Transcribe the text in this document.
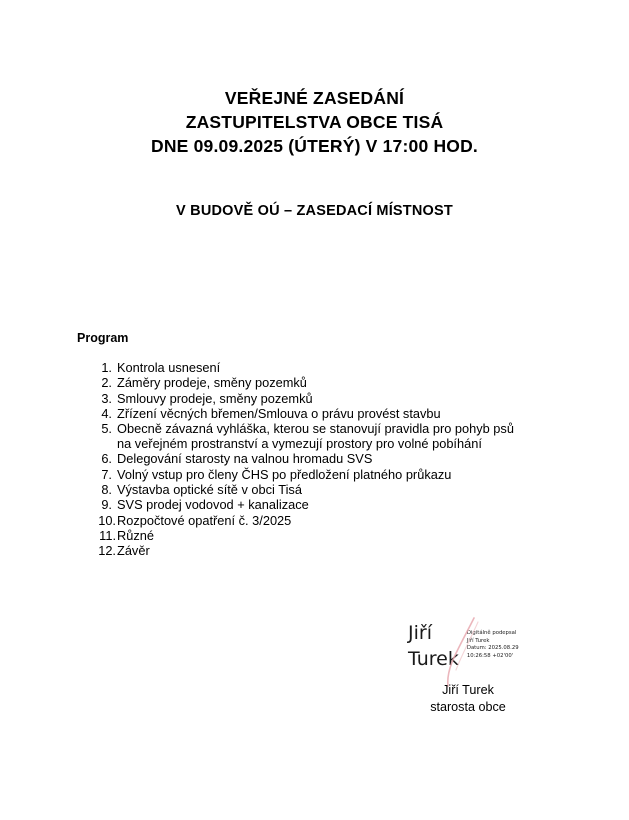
VEŘEJNÉ ZASEDÁNÍ
ZASTUPITELSTVA OBCE TISÁ
DNE 09.09.2025 (ÚTERÝ) V 17:00 HOD.
V BUDOVĚ OÚ – ZASEDACÍ MÍSTNOST
Program
1. Kontrola usnesení
2. Záměry prodeje, směny pozemků
3. Smlouvy prodeje, směny pozemků
4. Zřízení věcných břemen/Smlouva o právu provést stavbu
5. Obecně závazná vyhláška, kterou se stanovují pravidla pro pohyb psů na veřejném prostranství a vymezují prostory pro volné pobíhání
6. Delegování starosty na valnou hromadu SVS
7. Volný vstup pro členy ČHS po předložení platného průkazu
8. Výstavba optické sítě v obci Tisá
9. SVS prodej vodovod + kanalizace
10. Rozpočtové opatření č. 3/2025
11. Různé
12. Závěr
Jiří
Turek
Digitálně podepsal
Jiří Turek
Datum: 2025.08.29
10:26:58 +02'00'
Jiří Turek
starosta obce
